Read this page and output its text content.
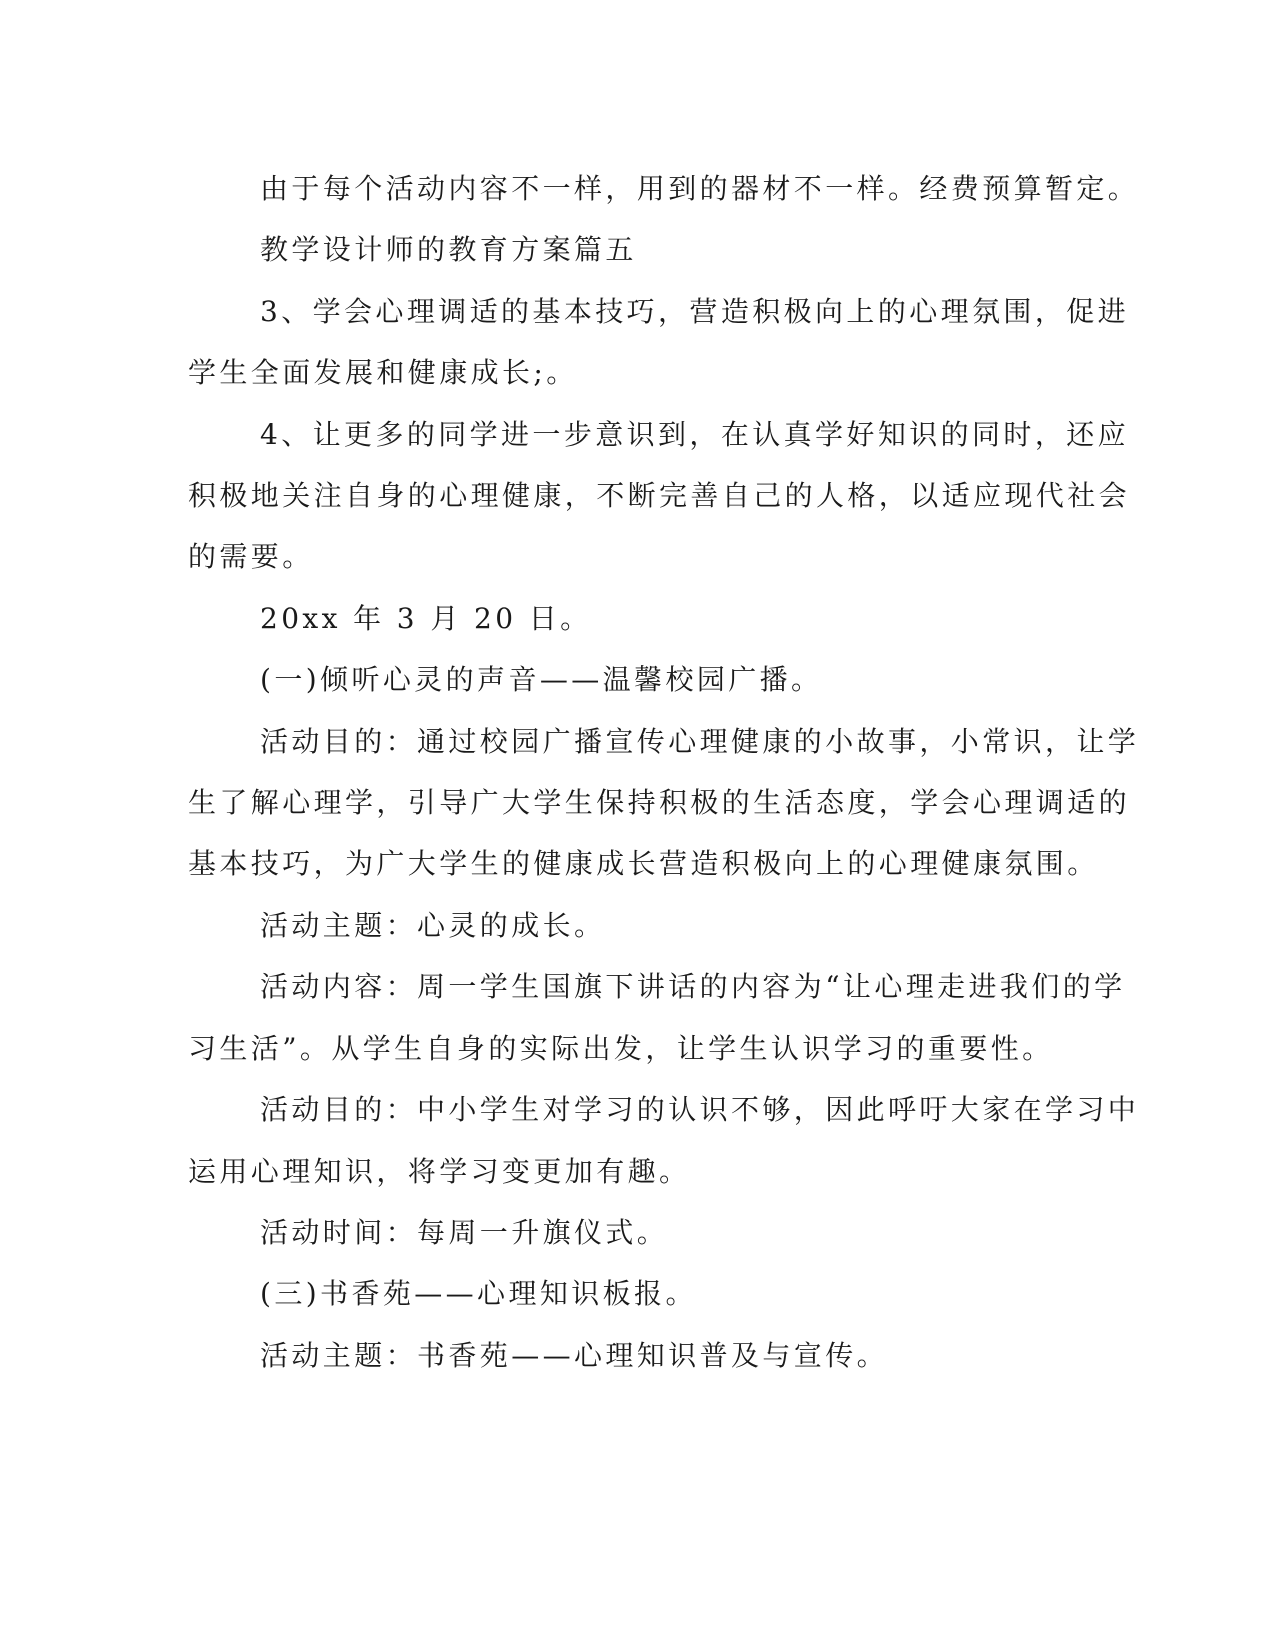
由于每个活动内容不一样，用到的器材不一样。经费预算暂定。
教学设计师的教育方案篇五
3、学会心理调适的基本技巧，营造积极向上的心理氛围，促进
学生全面发展和健康成长;。
4、让更多的同学进一步意识到，在认真学好知识的同时，还应
积极地关注自身的心理健康，不断完善自己的人格，以适应现代社会
的需要。
20xx 年 3 月 20 日。
(一)倾听心灵的声音——温馨校园广播。
活动目的：通过校园广播宣传心理健康的小故事，小常识，让学
生了解心理学，引导广大学生保持积极的生活态度，学会心理调适的
基本技巧，为广大学生的健康成长营造积极向上的心理健康氛围。
活动主题：心灵的成长。
活动内容：周一学生国旗下讲话的内容为“让心理走进我们的学
习生活”。从学生自身的实际出发，让学生认识学习的重要性。
活动目的：中小学生对学习的认识不够，因此呼吁大家在学习中
运用心理知识，将学习变更加有趣。
活动时间：每周一升旗仪式。
(三)书香苑——心理知识板报。
活动主题：书香苑——心理知识普及与宣传。
